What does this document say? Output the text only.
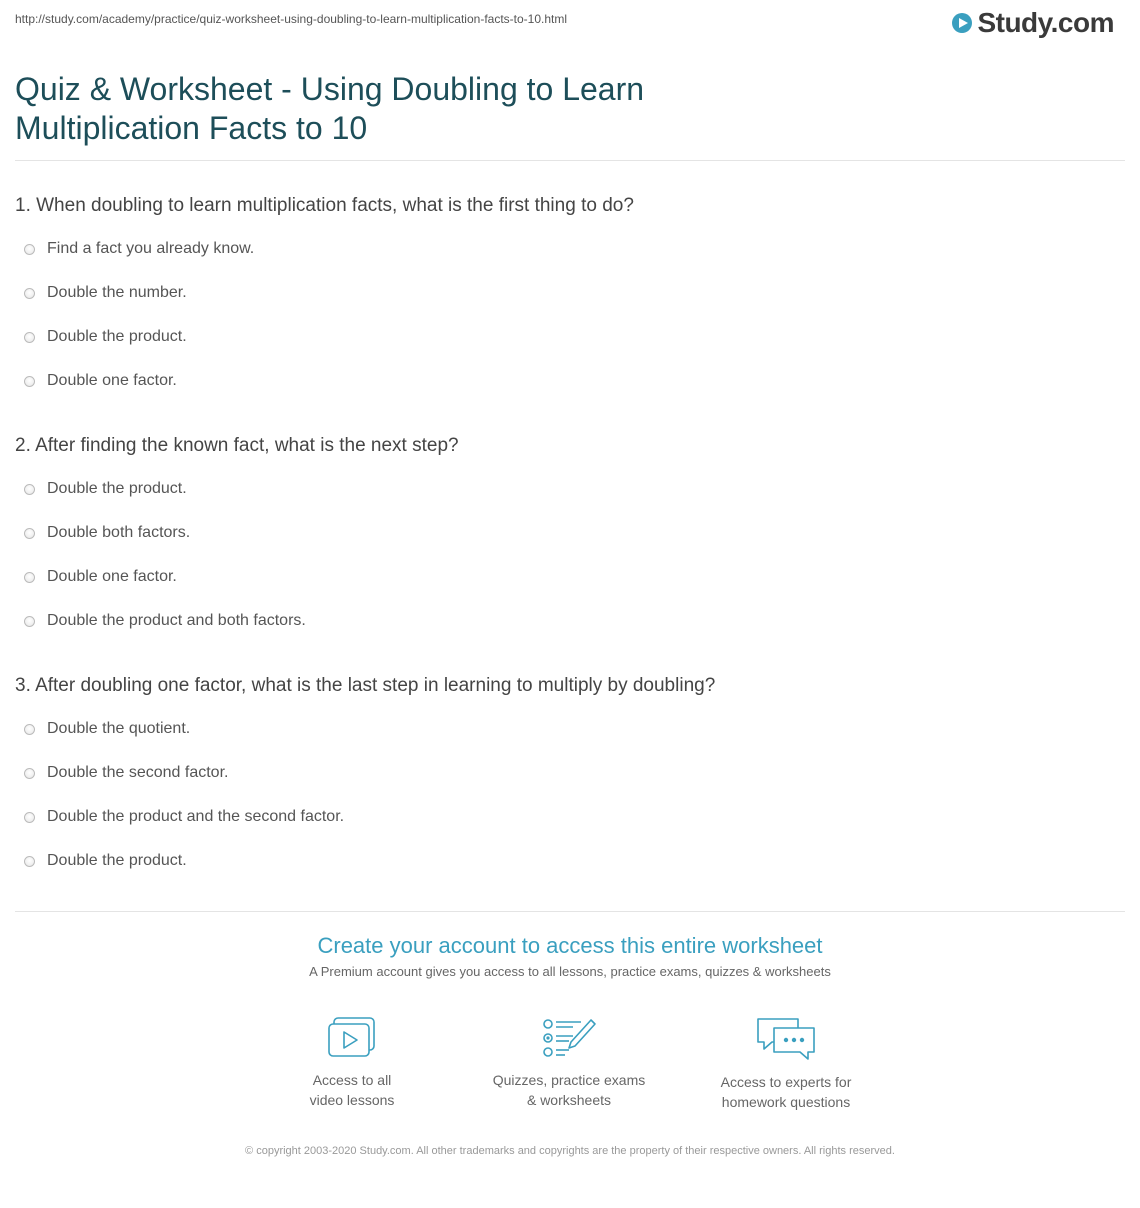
http://study.com/academy/practice/quiz-worksheet-using-doubling-to-learn-multiplication-facts-to-10.html	Study.com
Quiz & Worksheet - Using Doubling to Learn Multiplication Facts to 10
1. When doubling to learn multiplication facts, what is the first thing to do?
Find a fact you already know.
Double the number.
Double the product.
Double one factor.
2. After finding the known fact, what is the next step?
Double the product.
Double both factors.
Double one factor.
Double the product and both factors.
3. After doubling one factor, what is the last step in learning to multiply by doubling?
Double the quotient.
Double the second factor.
Double the product and the second factor.
Double the product.
Create your account to access this entire worksheet
A Premium account gives you access to all lessons, practice exams, quizzes & worksheets
Access to all
video lessons
Quizzes, practice exams
& worksheets
Access to experts for
homework questions
© copyright 2003-2020 Study.com. All other trademarks and copyrights are the property of their respective owners. All rights reserved.
